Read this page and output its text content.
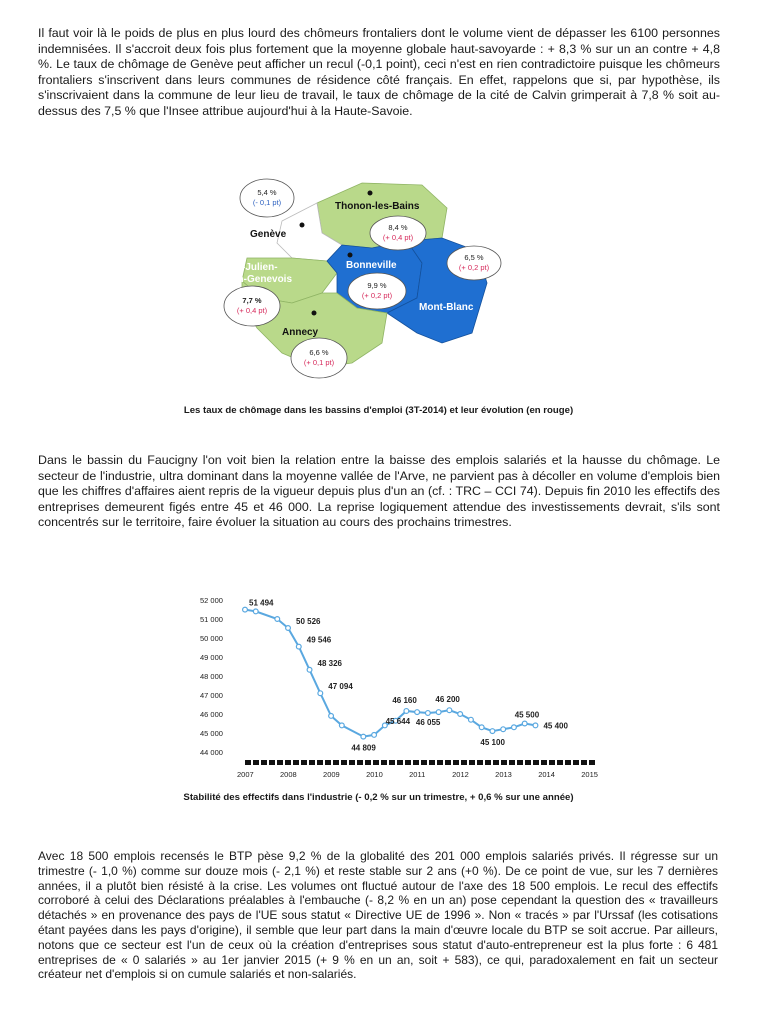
Il faut voir là le poids de plus en plus lourd des chômeurs frontaliers dont le volume vient de dépasser les 6100 personnes indemnisées. Il s'accroit deux fois plus fortement que la moyenne globale haut-savoyarde : + 8,3 % sur un an contre + 4,8 %. Le taux de chômage de Genève peut afficher un recul (-0,1 point), ceci n'est en rien contradictoire puisque les chômeurs frontaliers s'inscrivent dans leurs communes de résidence côté français. En effet, rappelons que si, par hypothèse, ils s'inscrivaient dans la commune de leur lieu de travail, le taux de chômage de la cité de Calvin grimperait à 7,8 % soit au-dessus des 7,5 % que l'Insee attribue aujourd'hui à la Haute-Savoie.

Thonon-les-Bains
Genève
Bonneville
Mont-Blanc
St-Julien-
en-Genevois
Annecy
5,4 %
(- 0,1 pt)
8,4 %
(+ 0,4 pt)
6,5 %
(+ 0,2 pt)
9,9 %
(+ 0,2 pt)
7,7 %
(+ 0,4 pt)
6,6 %
(+ 0,1 pt)

Les taux de chômage dans les bassins d'emploi (3T-2014) et leur évolution (en rouge)

Dans le bassin du Faucigny l'on voit bien la relation entre la baisse des emplois salariés et la hausse du chômage. Le secteur de l'industrie, ultra dominant dans la moyenne vallée de l'Arve, ne parvient pas à décoller en volume d'emplois bien que les chiffres d'affaires aient repris de la vigueur depuis plus d'un an (cf. : TRC – CCI 74). Depuis fin 2010 les effectifs des entreprises demeurent figés entre 45 et 46 000. La reprise logiquement attendue des investissements devrait, s'ils sont concentrés sur le territoire, faire évoluer la situation au cours des prochains trimestres.

52 000
51 000
50 000
49 000
48 000
47 000
46 000
45 000
44 000
2007	2008	2009	2010	2011	2012	2013	2014	2015
51 494
50 526
49 546
48 326
47 094
44 809
45 644
46 160
46 055
46 200
45 100
45 500
45 400

Stabilité des effectifs dans l'industrie (- 0,2 % sur un trimestre, + 0,6 % sur une année)

Avec 18 500 emplois recensés le BTP pèse 9,2 % de la globalité des 201 000 emplois salariés privés. Il régresse sur un trimestre (- 1,0 %) comme sur douze mois (- 2,1 %) et reste stable sur 2 ans (+0 %). De ce point de vue, sur les 7 dernières années, il a plutôt bien résisté à la crise. Les volumes ont fluctué autour de l'axe des 18 500 emplois. Le recul des effectifs corroboré à celui des Déclarations préalables à l'embauche (- 8,2 % en un an) pose cependant la question des « travailleurs détachés » en provenance des pays de l'UE sous statut « Directive UE de 1996 ». Non « tracés » par l'Urssaf (les cotisations étant payées dans les pays d'origine), il semble que leur part dans la main d'œuvre locale du BTP se soit accrue. Par ailleurs, notons que ce secteur est l'un de ceux où la création d'entreprises sous statut d'auto-entrepreneur est la plus forte : 6 481 entreprises de « 0 salariés » au 1er janvier 2015 (+ 9 % en un an, soit + 583), ce qui, paradoxalement en fait un secteur créateur net d'emplois si on cumule salariés et non-salariés.
